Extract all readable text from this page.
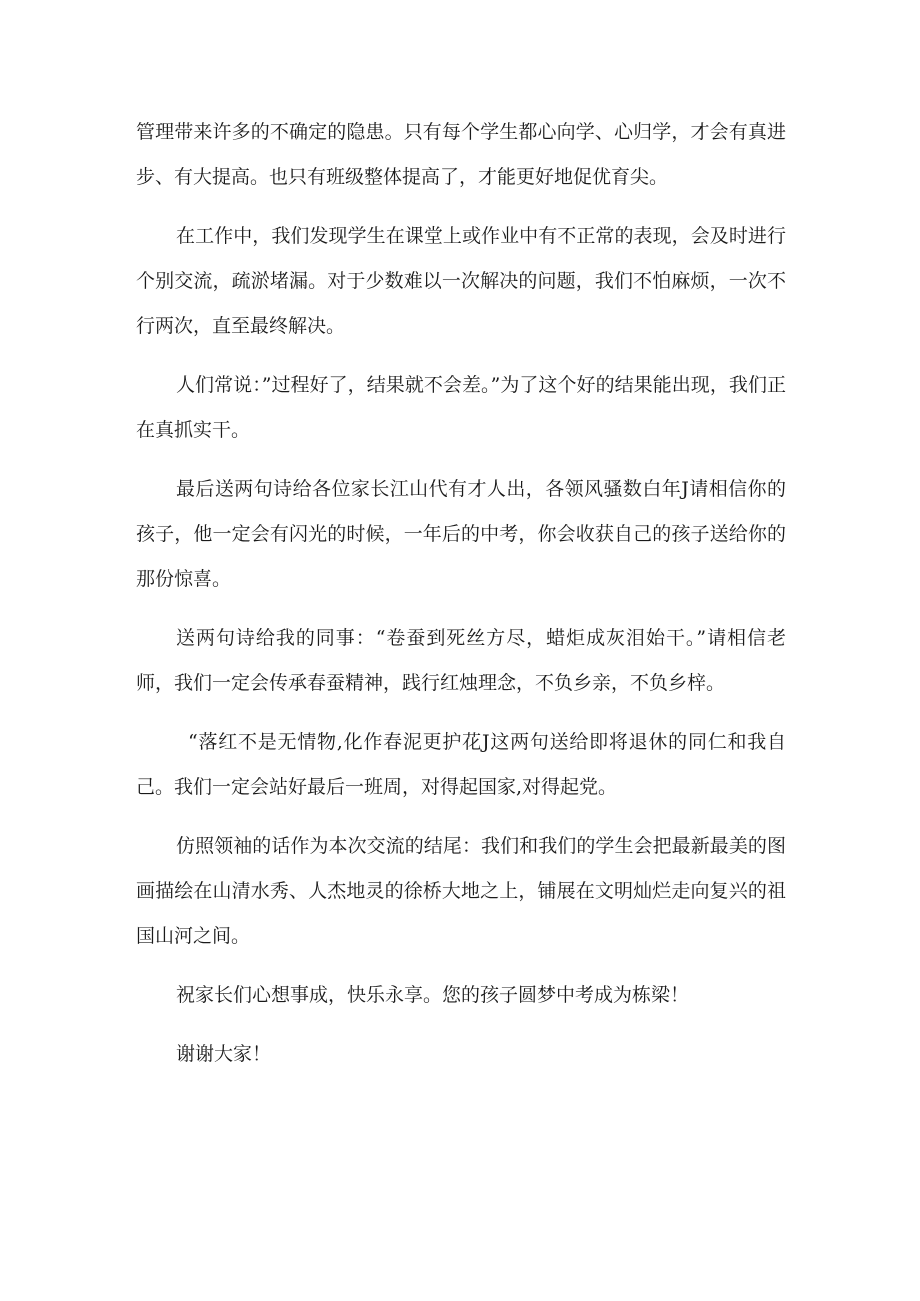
管理带来许多的不确定的隐患。只有每个学生都心向学、心归学，才会有真进步、有大提高。也只有班级整体提高了，才能更好地促优育尖。

在工作中，我们发现学生在课堂上或作业中有不正常的表现，会及时进行个别交流，疏淤堵漏。对于少数难以一次解决的问题，我们不怕麻烦，一次不行两次，直至最终解决。

人们常说：”过程好了，结果就不会差。”为了这个好的结果能出现，我们正在真抓实干。

最后送两句诗给各位家长江山代有才人出，各领风骚数白年J请相信你的孩子，他一定会有闪光的时候，一年后的中考，你会收获自己的孩子送给你的那份惊喜。

送两句诗给我的同事：“卷蚕到死丝方尽，蜡炬成灰泪始干。”请相信老师，我们一定会传承春蚕精神，践行红烛理念，不负乡亲，不负乡梓。

“落红不是无情物,化作春泥更护花J这两句送给即将退休的同仁和我自己。我们一定会站好最后一班周，对得起国家,对得起党。

仿照领袖的话作为本次交流的结尾：我们和我们的学生会把最新最美的图画描绘在山清水秀、人杰地灵的徐桥大地之上，铺展在文明灿烂走向复兴的祖国山河之间。

祝家长们心想事成，快乐永享。您的孩子圆梦中考成为栋梁！

谢谢大家！
